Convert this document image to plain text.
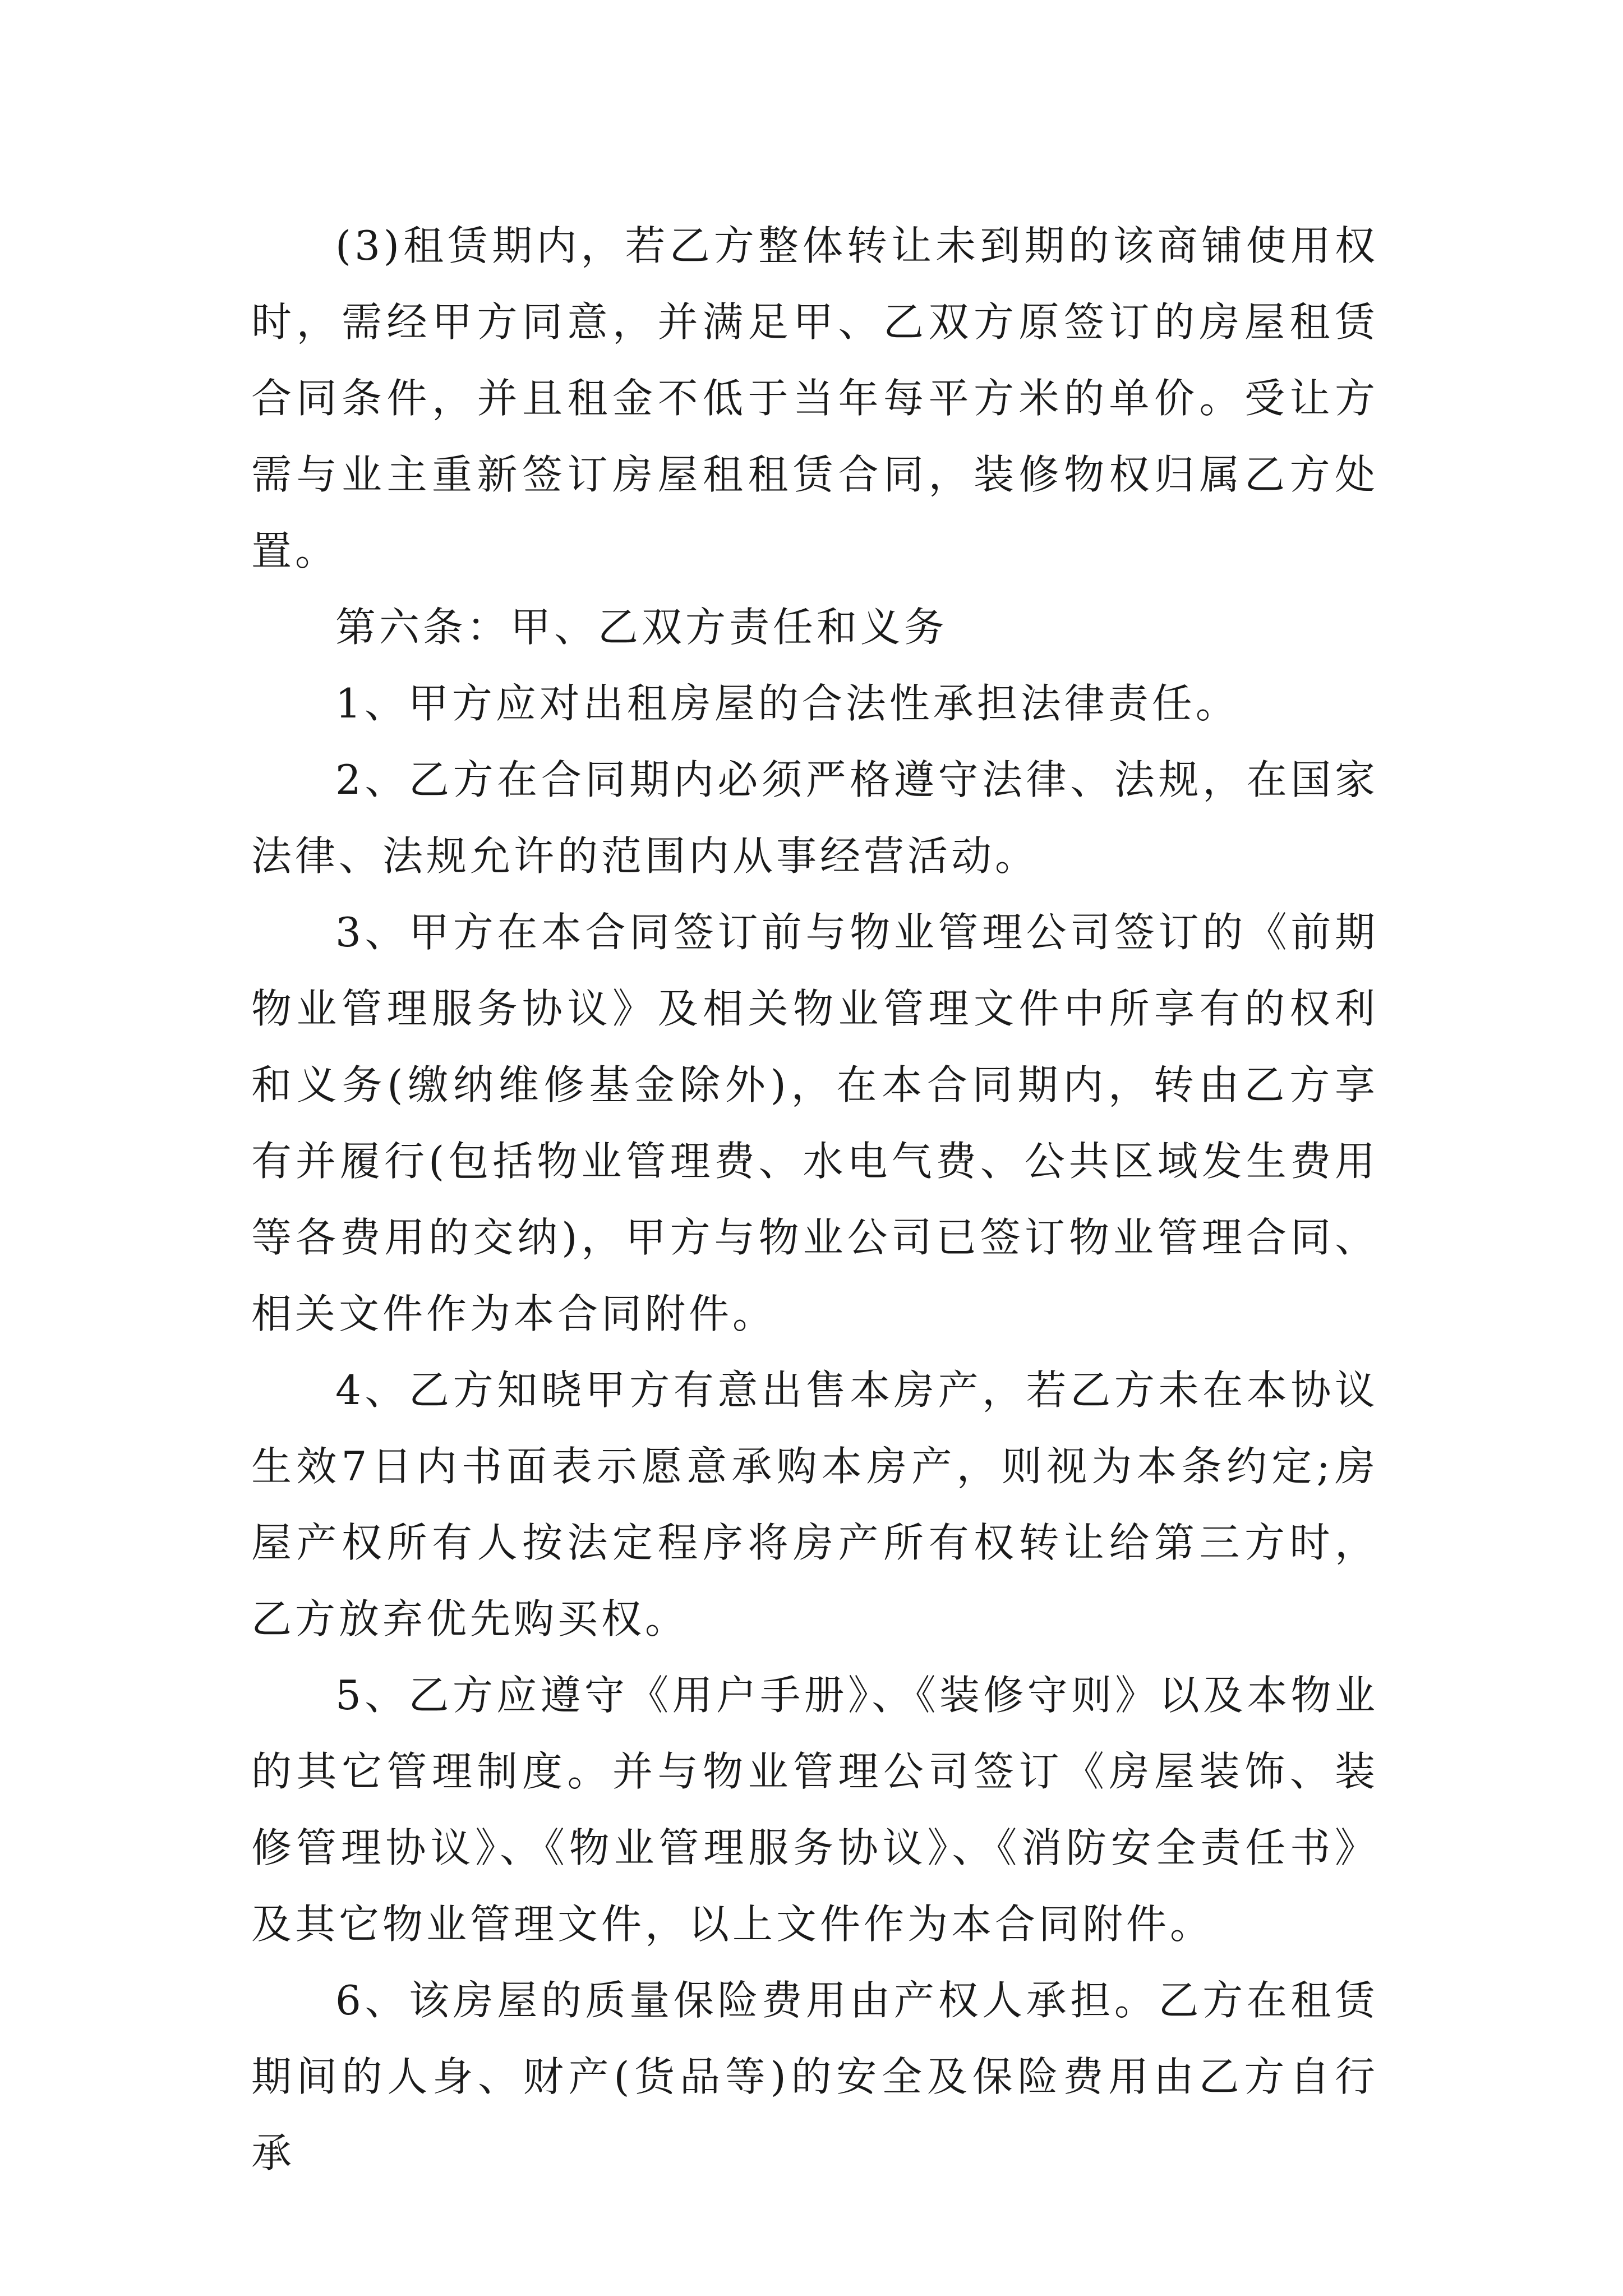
(3)租赁期内，若乙方整体转让未到期的该商铺使用权时，需经甲方同意，并满足甲、乙双方原签订的房屋租赁合同条件，并且租金不低于当年每平方米的单价。受让方需与业主重新签订房屋租租赁合同，装修物权归属乙方处置。

第六条：甲、乙双方责任和义务

1、甲方应对出租房屋的合法性承担法律责任。

2、乙方在合同期内必须严格遵守法律、法规，在国家法律、法规允许的范围内从事经营活动。

3、甲方在本合同签订前与物业管理公司签订的《前期物业管理服务协议》及相关物业管理文件中所享有的权利和义务(缴纳维修基金除外)，在本合同期内，转由乙方享有并履行(包括物业管理费、水电气费、公共区域发生费用等各费用的交纳)，甲方与物业公司已签订物业管理合同、相关文件作为本合同附件。

4、乙方知晓甲方有意出售本房产，若乙方未在本协议生效7日内书面表示愿意承购本房产，则视为本条约定;房屋产权所有人按法定程序将房产所有权转让给第三方时，乙方放弃优先购买权。

5、乙方应遵守《用户手册》、《装修守则》以及本物业的其它管理制度。并与物业管理公司签订《房屋装饰、装修管理协议》、《物业管理服务协议》、《消防安全责任书》及其它物业管理文件，以上文件作为本合同附件。

6、该房屋的质量保险费用由产权人承担。乙方在租赁期间的人身、财产(货品等)的安全及保险费用由乙方自行承
